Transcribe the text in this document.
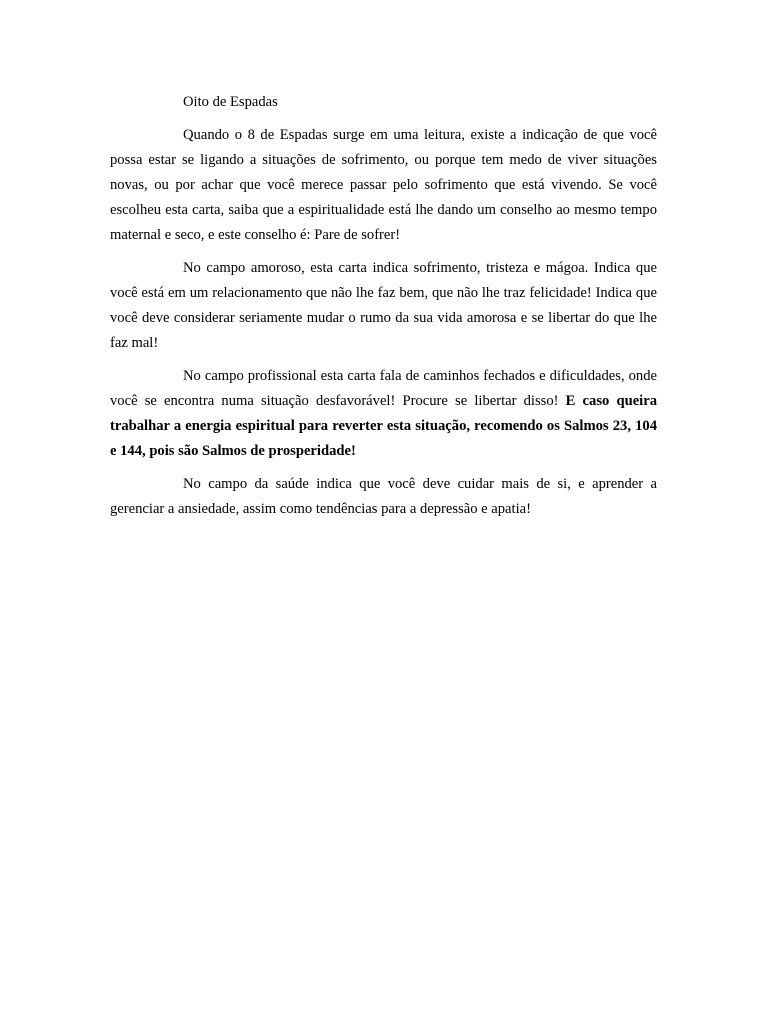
Oito de Espadas

Quando o 8 de Espadas surge em uma leitura, existe a indicação de que você possa estar se ligando a situações de sofrimento, ou porque tem medo de viver situações novas, ou por achar que você merece passar pelo sofrimento que está vivendo. Se você escolheu esta carta, saiba que a espiritualidade está lhe dando um conselho ao mesmo tempo maternal e seco, e este conselho é: Pare de sofrer!

No campo amoroso, esta carta indica sofrimento, tristeza e mágoa. Indica que você está em um relacionamento que não lhe faz bem, que não lhe traz felicidade! Indica que você deve considerar seriamente mudar o rumo da sua vida amorosa e se libertar do que lhe faz mal!

No campo profissional esta carta fala de caminhos fechados e dificuldades, onde você se encontra numa situação desfavorável! Procure se libertar disso! E caso queira trabalhar a energia espiritual para reverter esta situação, recomendo os Salmos 23, 104 e 144, pois são Salmos de prosperidade!

No campo da saúde indica que você deve cuidar mais de si, e aprender a gerenciar a ansiedade, assim como tendências para a depressão e apatia!
